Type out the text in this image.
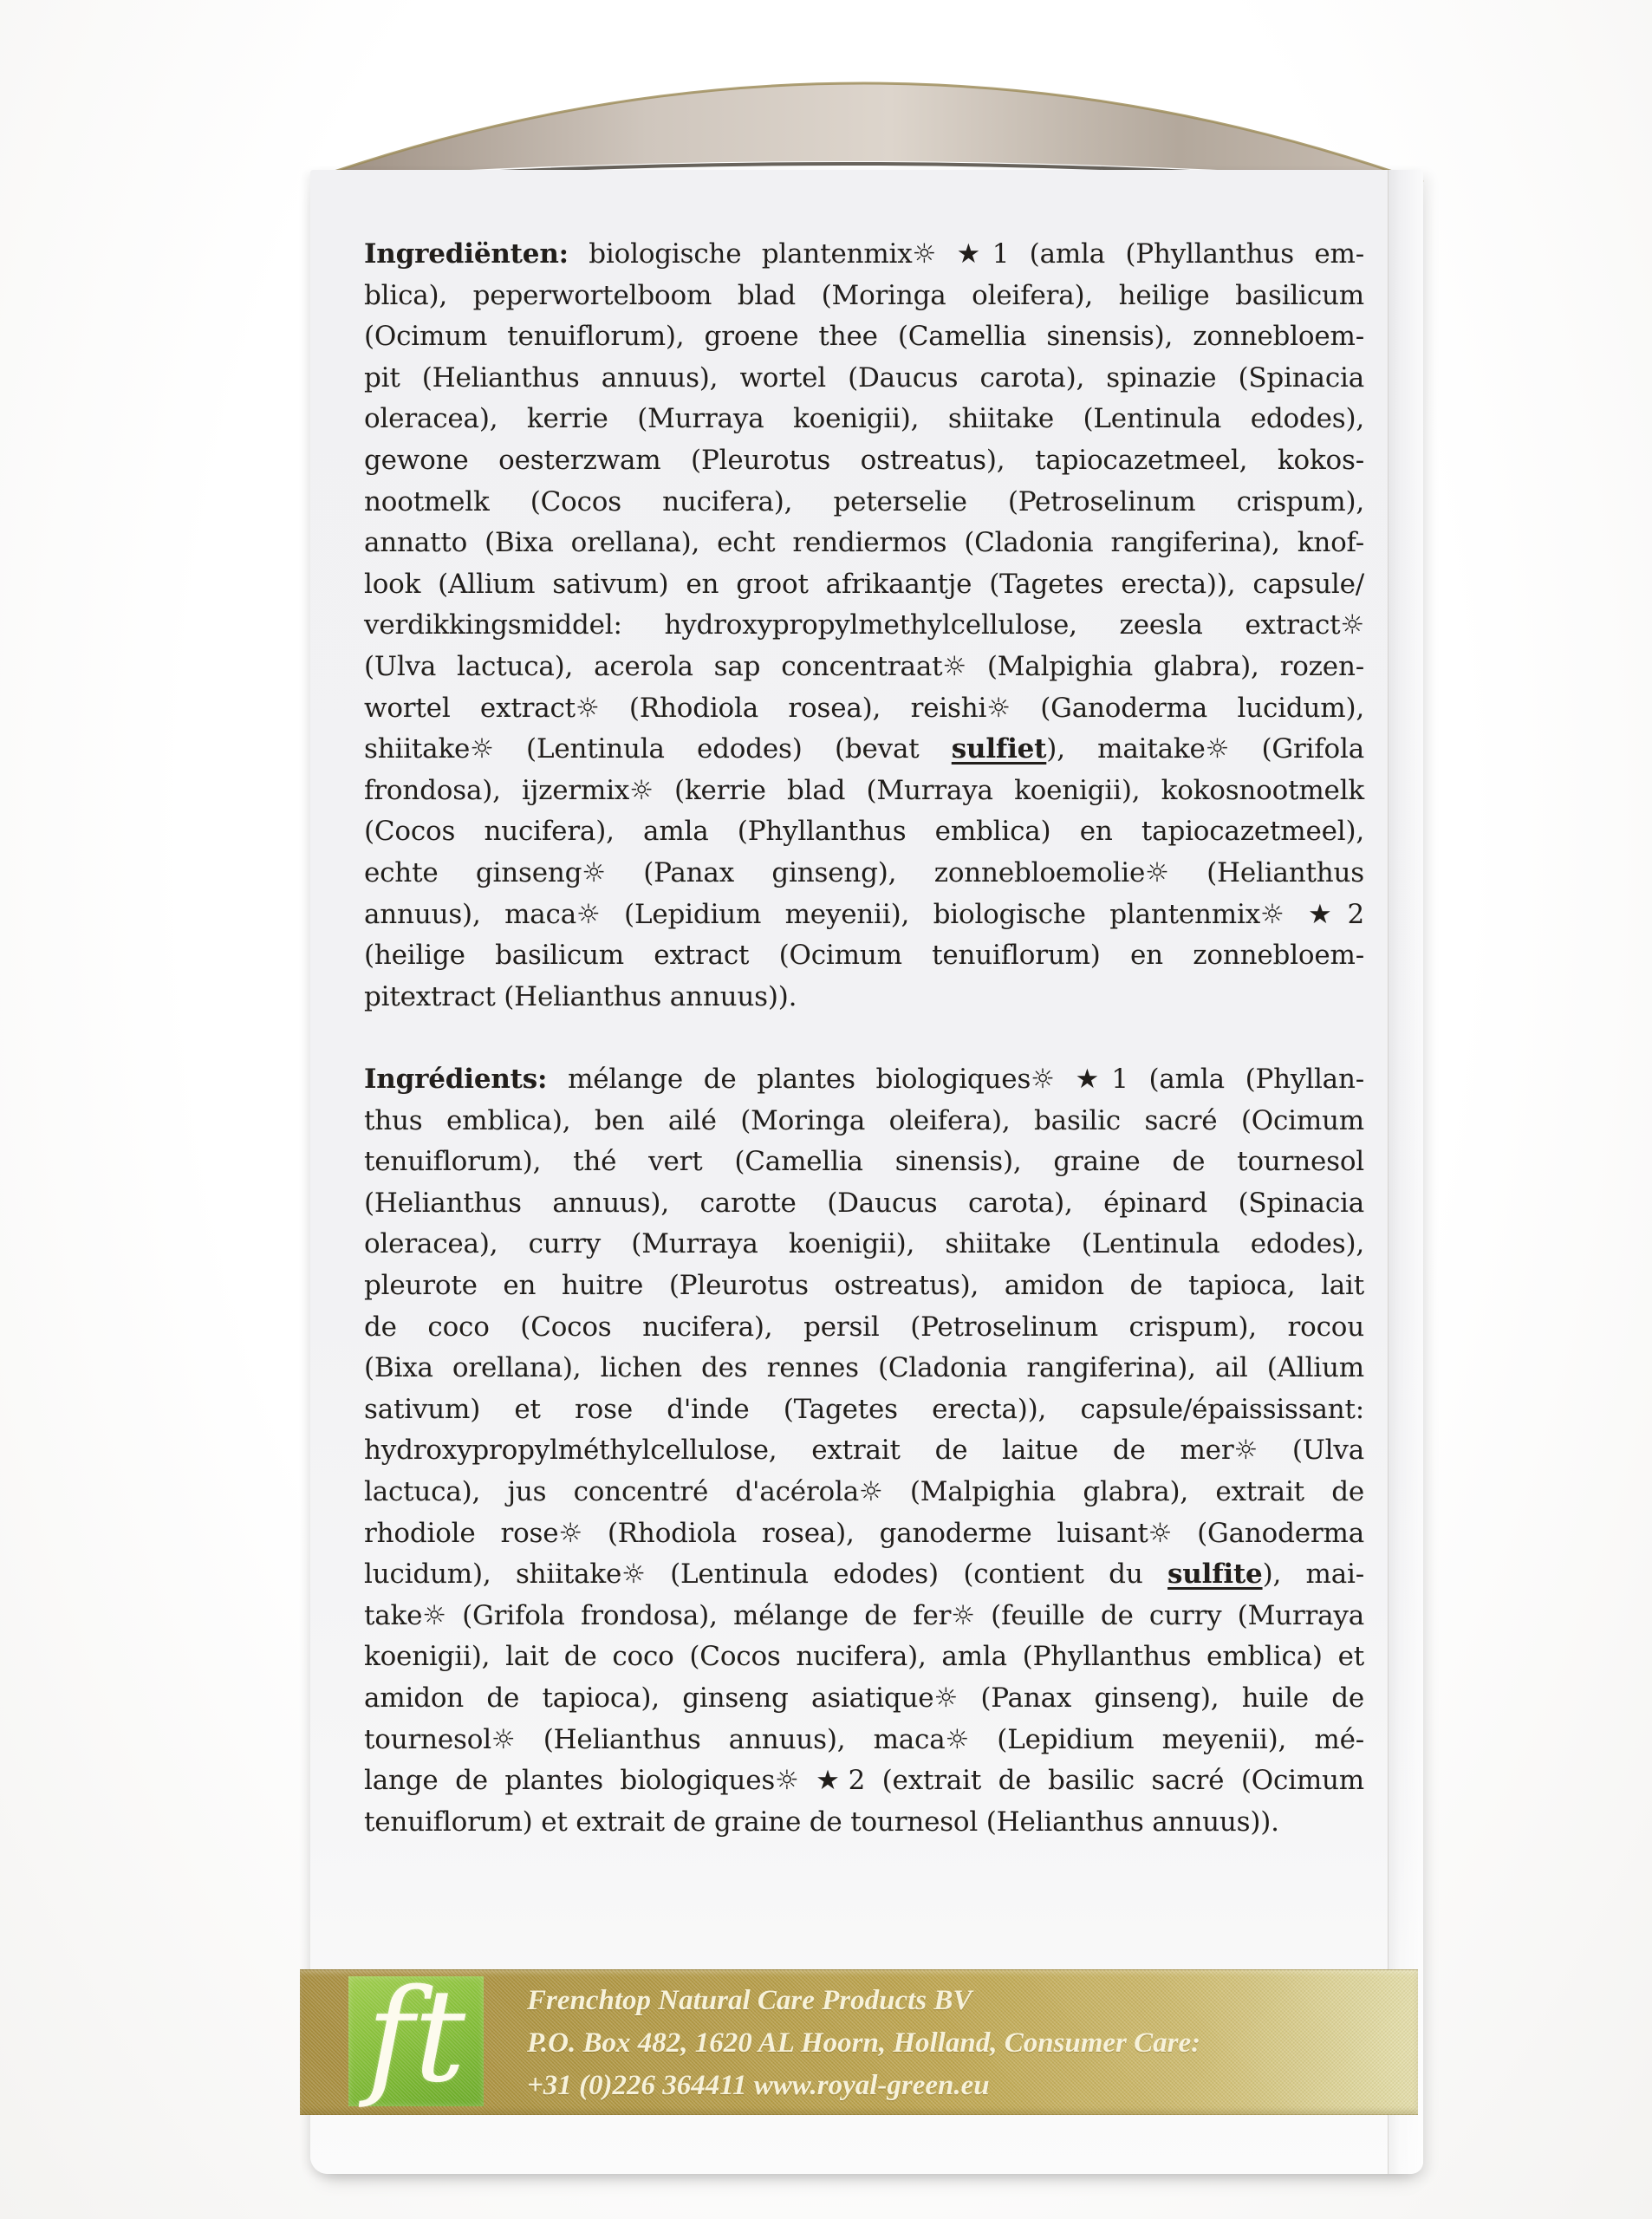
Ingrediënten: biologische plantenmix☼ ★1 (amla (Phyllanthus em-
blica), peperwortelboom blad (Moringa oleifera), heilige basilicum
(Ocimum tenuiflorum), groene thee (Camellia sinensis), zonnebloem-
pit (Helianthus annuus), wortel (Daucus carota), spinazie (Spinacia
oleracea), kerrie (Murraya koenigii), shiitake (Lentinula edodes),
gewone oesterzwam (Pleurotus ostreatus), tapiocazetmeel, kokos-
nootmelk (Cocos nucifera), peterselie (Petroselinum crispum),
annatto (Bixa orellana), echt rendiermos (Cladonia rangiferina), knof-
look (Allium sativum) en groot afrikaantje (Tagetes erecta)), capsule/
verdikkingsmiddel: hydroxypropylmethylcellulose, zeesla extract☼
(Ulva lactuca), acerola sap concentraat☼ (Malpighia glabra), rozen-
wortel extract☼ (Rhodiola rosea), reishi☼ (Ganoderma lucidum),
shiitake☼ (Lentinula edodes) (bevat sulfiet), maitake☼ (Grifola
frondosa), ijzermix☼ (kerrie blad (Murraya koenigii), kokosnootmelk
(Cocos nucifera), amla (Phyllanthus emblica) en tapiocazetmeel),
echte ginseng☼ (Panax ginseng), zonnebloemolie☼ (Helianthus
annuus), maca☼ (Lepidium meyenii), biologische plantenmix☼ ★2
(heilige basilicum extract (Ocimum tenuiflorum) en zonnebloem-
pitextract (Helianthus annuus)).
Ingrédients: mélange de plantes biologiques☼ ★1 (amla (Phyllan-
thus emblica), ben ailé (Moringa oleifera), basilic sacré (Ocimum
tenuiflorum), thé vert (Camellia sinensis), graine de tournesol
(Helianthus annuus), carotte (Daucus carota), épinard (Spinacia
oleracea), curry (Murraya koenigii), shiitake (Lentinula edodes),
pleurote en huitre (Pleurotus ostreatus), amidon de tapioca, lait
de coco (Cocos nucifera), persil (Petroselinum crispum), rocou
(Bixa orellana), lichen des rennes (Cladonia rangiferina), ail (Allium
sativum) et rose d'inde (Tagetes erecta)), capsule/épaississant:
hydroxypropylméthylcellulose, extrait de laitue de mer☼ (Ulva
lactuca), jus concentré d'acérola☼ (Malpighia glabra), extrait de
rhodiole rose☼ (Rhodiola rosea), ganoderme luisant☼ (Ganoderma
lucidum), shiitake☼ (Lentinula edodes) (contient du sulfite), mai-
take☼ (Grifola frondosa), mélange de fer☼ (feuille de curry (Murraya
koenigii), lait de coco (Cocos nucifera), amla (Phyllanthus emblica) et
amidon de tapioca), ginseng asiatique☼ (Panax ginseng), huile de
tournesol☼ (Helianthus annuus), maca☼ (Lepidium meyenii), mé-
lange de plantes biologiques☼ ★2 (extrait de basilic sacré (Ocimum
tenuiflorum) et extrait de graine de tournesol (Helianthus annuus)).
ft	Frenchtop Natural Care Products BV
P.O. Box 482, 1620 AL Hoorn, Holland, Consumer Care:
+31 (0)226 364411 www.royal-green.eu
